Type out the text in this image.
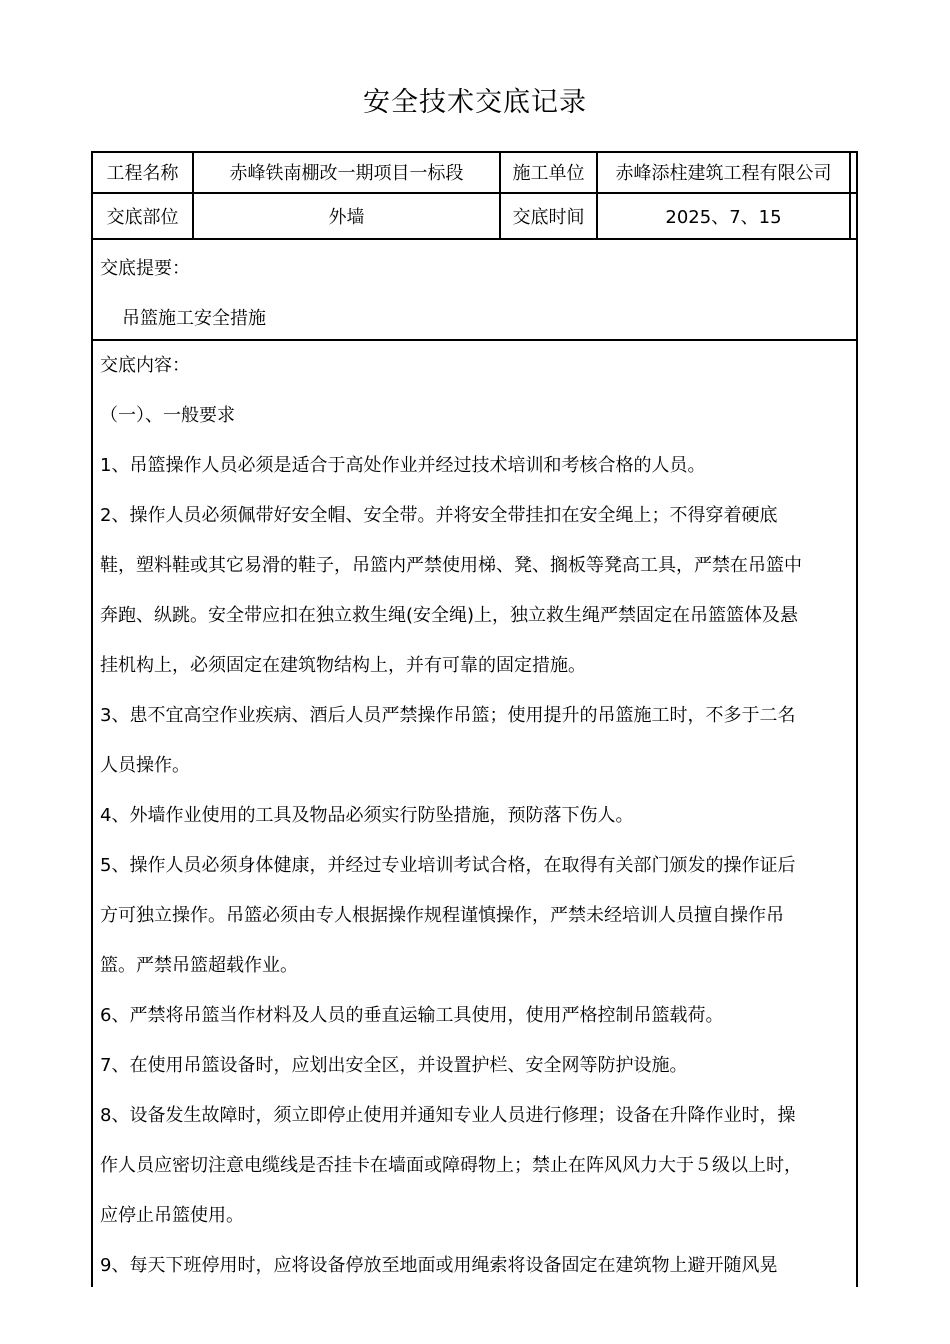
安全技术交底记录
工程名称	赤峰铁南棚改一期项目一标段	施工单位	赤峰添柱建筑工程有限公司
交底部位	外墙	交底时间	2025、7、15
交底提要：
吊篮施工安全措施
交底内容：
（一）、一般要求
1、吊篮操作人员必须是适合于高处作业并经过技术培训和考核合格的人员。
2、操作人员必须佩带好安全帽、安全带。并将安全带挂扣在安全绳上；不得穿着硬底
鞋，塑料鞋或其它易滑的鞋子，吊篮内严禁使用梯、凳、搁板等凳高工具，严禁在吊篮中
奔跑、纵跳。安全带应扣在独立救生绳(安全绳)上，独立救生绳严禁固定在吊篮篮体及悬
挂机构上，必须固定在建筑物结构上，并有可靠的固定措施。
3、患不宜高空作业疾病、酒后人员严禁操作吊篮；使用提升的吊篮施工时，不多于二名
人员操作。
4、外墙作业使用的工具及物品必须实行防坠措施，预防落下伤人。
5、操作人员必须身体健康，并经过专业培训考试合格，在取得有关部门颁发的操作证后
方可独立操作。吊篮必须由专人根据操作规程谨慎操作，严禁未经培训人员擅自操作吊
篮。严禁吊篮超载作业。
6、严禁将吊篮当作材料及人员的垂直运输工具使用，使用严格控制吊篮载荷。
7、在使用吊篮设备时，应划出安全区，并设置护栏、安全网等防护设施。
8、设备发生故障时，须立即停止使用并通知专业人员进行修理；设备在升降作业时，操
作人员应密切注意电缆线是否挂卡在墙面或障碍物上；禁止在阵风风力大于５级以上时，
应停止吊篮使用。
9、每天下班停用时，应将设备停放至地面或用绳索将设备固定在建筑物上避开随风晃
